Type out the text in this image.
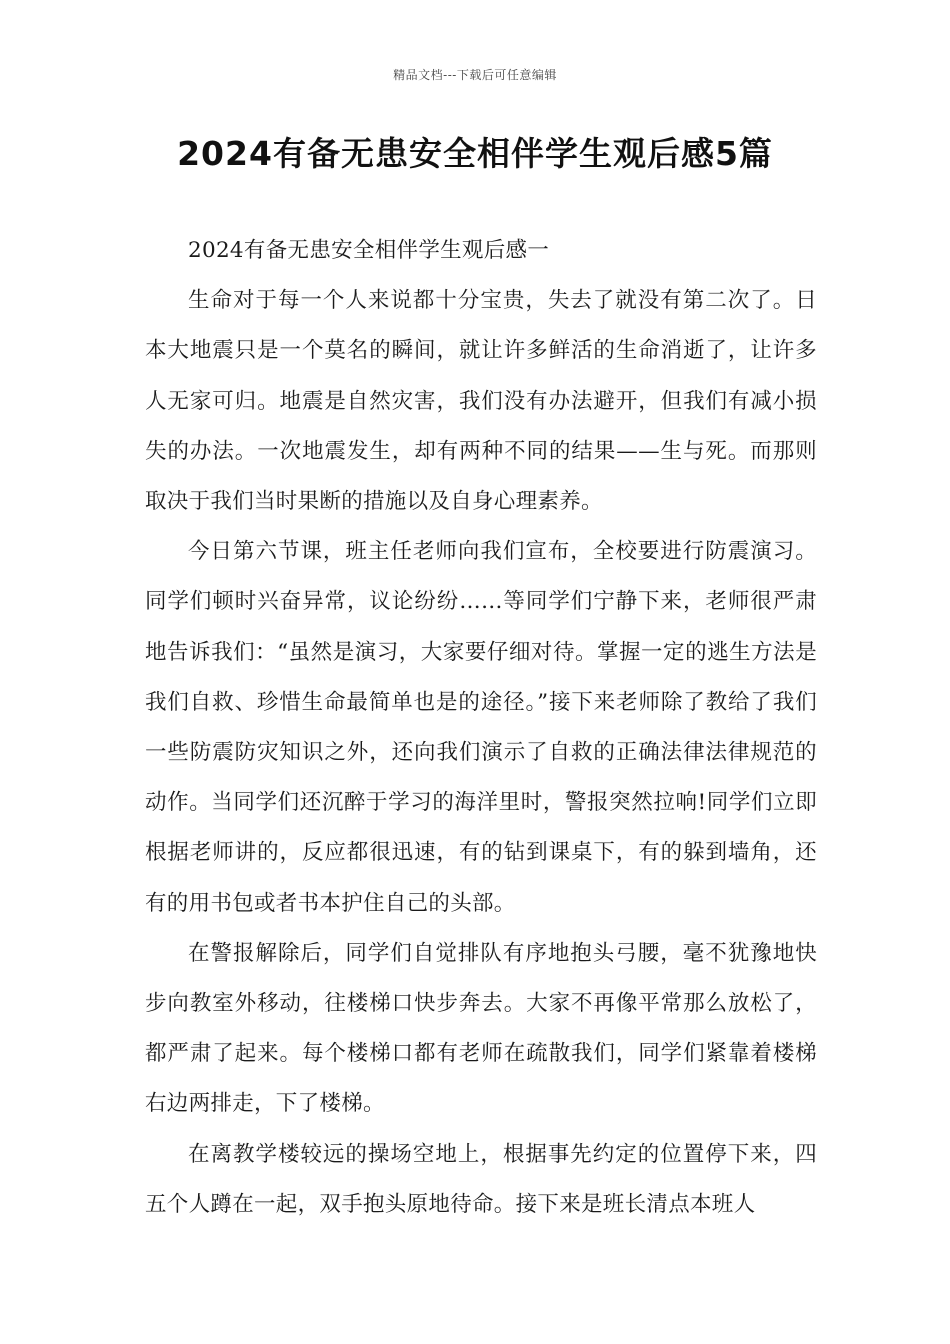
精品文档---下载后可任意编辑
2024有备无患安全相伴学生观后感5篇

2024有备无患安全相伴学生观后感一

生命对于每一个人来说都十分宝贵，失去了就没有第二次了。日本大地震只是一个莫名的瞬间，就让许多鲜活的生命消逝了，让许多人无家可归。地震是自然灾害，我们没有办法避开，但我们有减小损失的办法。一次地震发生，却有两种不同的结果——生与死。而那则取决于我们当时果断的措施以及自身心理素养。

今日第六节课，班主任老师向我们宣布，全校要进行防震演习。同学们顿时兴奋异常，议论纷纷……等同学们宁静下来，老师很严肃地告诉我们：“虽然是演习，大家要仔细对待。掌握一定的逃生方法是我们自救、珍惜生命最简单也是的途径。”接下来老师除了教给了我们一些防震防灾知识之外，还向我们演示了自救的正确法律法律规范的动作。当同学们还沉醉于学习的海洋里时，警报突然拉响!同学们立即根据老师讲的，反应都很迅速，有的钻到课桌下，有的躲到墙角，还有的用书包或者书本护住自己的头部。

在警报解除后，同学们自觉排队有序地抱头弓腰，毫不犹豫地快步向教室外移动，往楼梯口快步奔去。大家不再像平常那么放松了，都严肃了起来。每个楼梯口都有老师在疏散我们，同学们紧靠着楼梯右边两排走，下了楼梯。

在离教学楼较远的操场空地上，根据事先约定的位置停下来，四五个人蹲在一起，双手抱头原地待命。接下来是班长清点本班人
